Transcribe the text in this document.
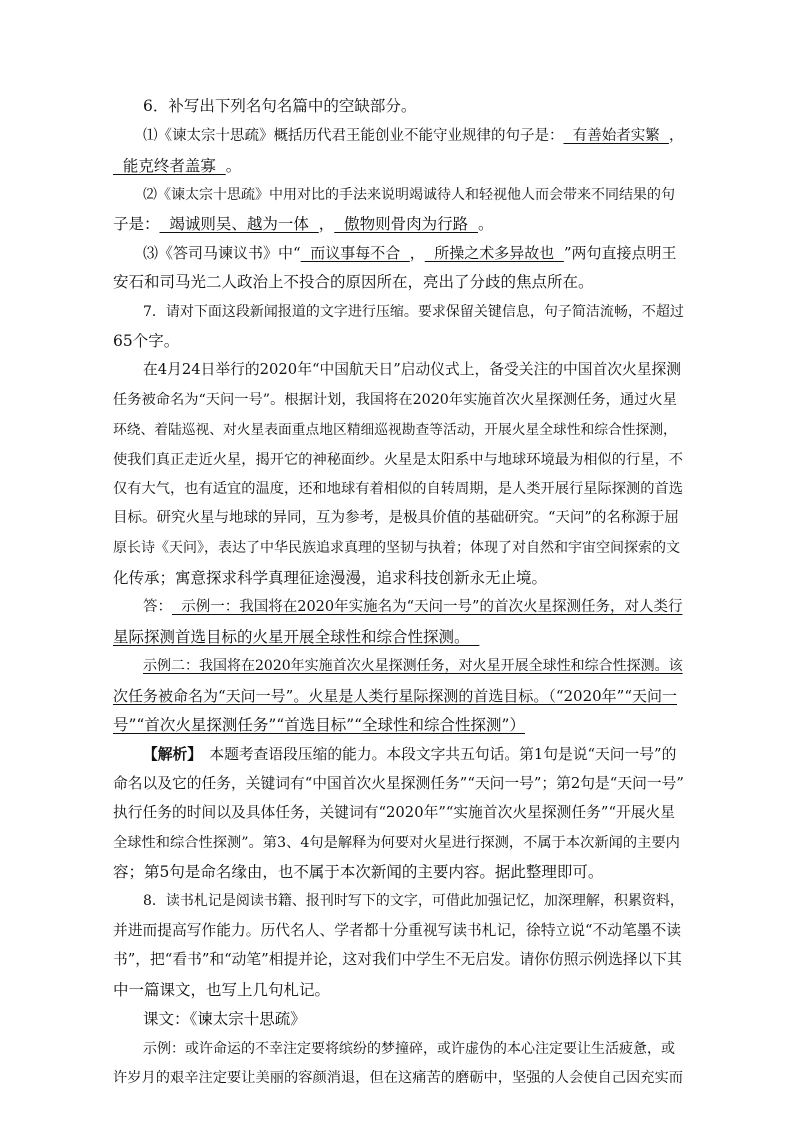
6．补写出下列名句名篇中的空缺部分。
⑴《谏太宗十思疏》概括历代君王能创业不能守业规律的句子是：  有善始者实繁  ，
能克终者盖寡  。
⑵《谏太宗十思疏》中用对比的手法来说明竭诚待人和轻视他人而会带来不同结果的句
子是：  竭诚则吴、越为一体  ，  傲物则骨肉为行路  。
⑶《答司马谏议书》中“  而议事每不合  ，  所操之术多异故也  ”两句直接点明王
安石和司马光二人政治上不投合的原因所在，亮出了分歧的焦点所在。
7．请对下面这段新闻报道的文字进行压缩。要求保留关键信息，句子简洁流畅，不超过
65个字。
在4月24日举行的2020年“中国航天日”启动仪式上，备受关注的中国首次火星探测
任务被命名为“天问一号”。根据计划，我国将在2020年实施首次火星探测任务，通过火星
环绕、着陆巡视、对火星表面重点地区精细巡视勘查等活动，开展火星全球性和综合性探测，
使我们真正走近火星，揭开它的神秘面纱。火星是太阳系中与地球环境最为相似的行星，不
仅有大气，也有适宜的温度，还和地球有着相似的自转周期，是人类开展行星际探测的首选
目标。研究火星与地球的异同，互为参考，是极具价值的基础研究。“天问”的名称源于屈
原长诗《天问》，表达了中华民族追求真理的坚韧与执着；体现了对自然和宇宙空间探索的文
化传承；寓意探求科学真理征途漫漫，追求科技创新永无止境。
答：  示例一：我国将在2020年实施名为“天问一号”的首次火星探测任务，对人类行
星际探测首选目标的火星开展全球性和综合性探测。
示例二：我国将在2020年实施首次火星探测任务，对火星开展全球性和综合性探测。该
次任务被命名为“天问一号”。火星是人类行星际探测的首选目标。（“2020年”“天问一
号”“首次火星探测任务”“首选目标”“全球性和综合性探测”）
【解析】　本题考查语段压缩的能力。本段文字共五句话。第1句是说“天问一号”的
命名以及它的任务，关键词有“中国首次火星探测任务”“天问一号”；第2句是“天问一号”
执行任务的时间以及具体任务，关键词有“2020年”“实施首次火星探测任务”“开展火星
全球性和综合性探测”。第3、4句是解释为何要对火星进行探测，不属于本次新闻的主要内
容；第5句是命名缘由，也不属于本次新闻的主要内容。据此整理即可。
8．读书札记是阅读书籍、报刊时写下的文字，可借此加强记忆，加深理解，积累资料，
并进而提高写作能力。历代名人、学者都十分重视写读书札记，徐特立说“不动笔墨不读
书”，把“看书”和“动笔”相提并论，这对我们中学生不无启发。请你仿照示例选择以下其
中一篇课文，也写上几句札记。
课文：《谏太宗十思疏》
示例：或许命运的不幸注定要将缤纷的梦撞碎，或许虚伪的本心注定要让生活疲惫，或
许岁月的艰辛注定要让美丽的容颜消退，但在这痛苦的磨砺中，坚强的人会使自己因充实而
